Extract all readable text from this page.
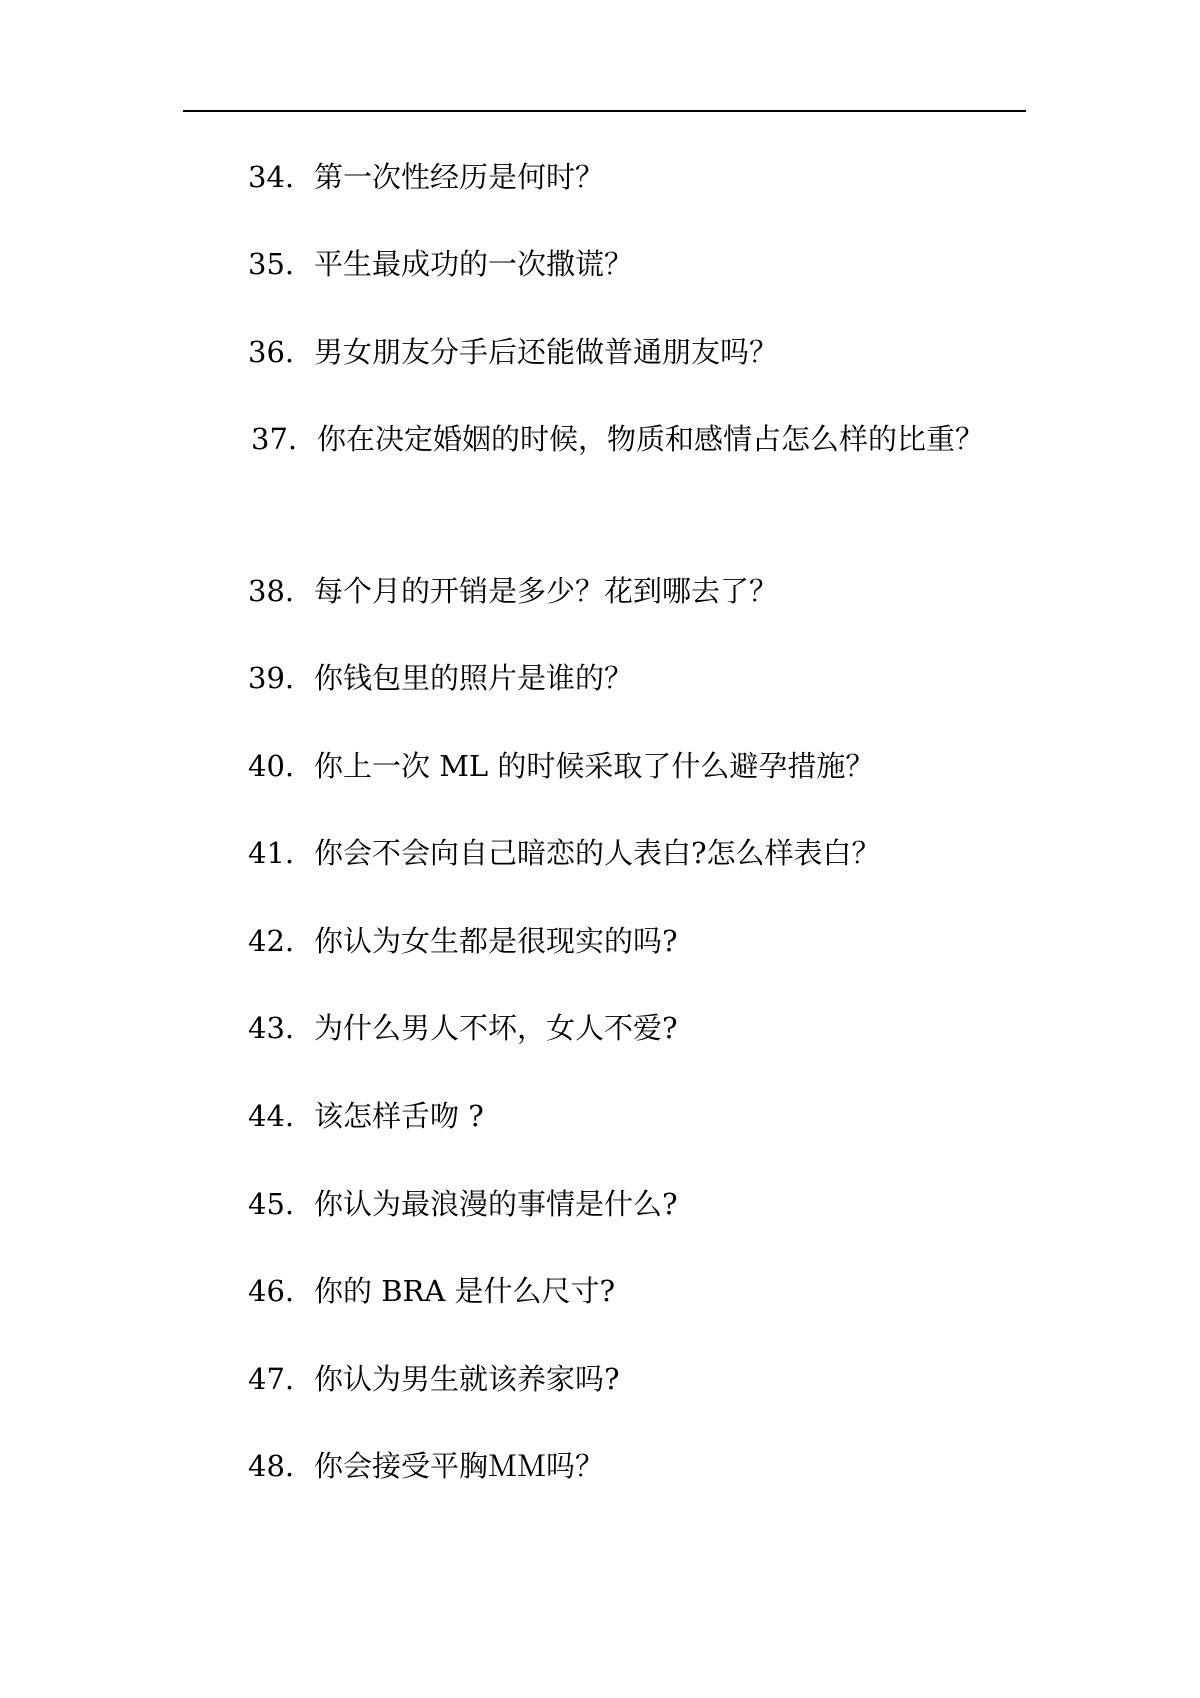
34. 第一次性经历是何时？
35. 平生最成功的一次撒谎？
36. 男女朋友分手后还能做普通朋友吗？
37. 你在决定婚姻的时候，物质和感情占怎么样的比重？
38. 每个月的开销是多少？花到哪去了？
39. 你钱包里的照片是谁的？
40. 你上一次 ML 的时候采取了什么避孕措施？
41. 你会不会向自己暗恋的人表白?怎么样表白？
42. 你认为女生都是很现实的吗?
43. 为什么男人不坏，女人不爱?
44. 该怎样舌吻 ?
45. 你认为最浪漫的事情是什么?
46. 你的 BRA 是什么尺寸?
47. 你认为男生就该养家吗?
48. 你会接受平胸ＭＭ吗？
